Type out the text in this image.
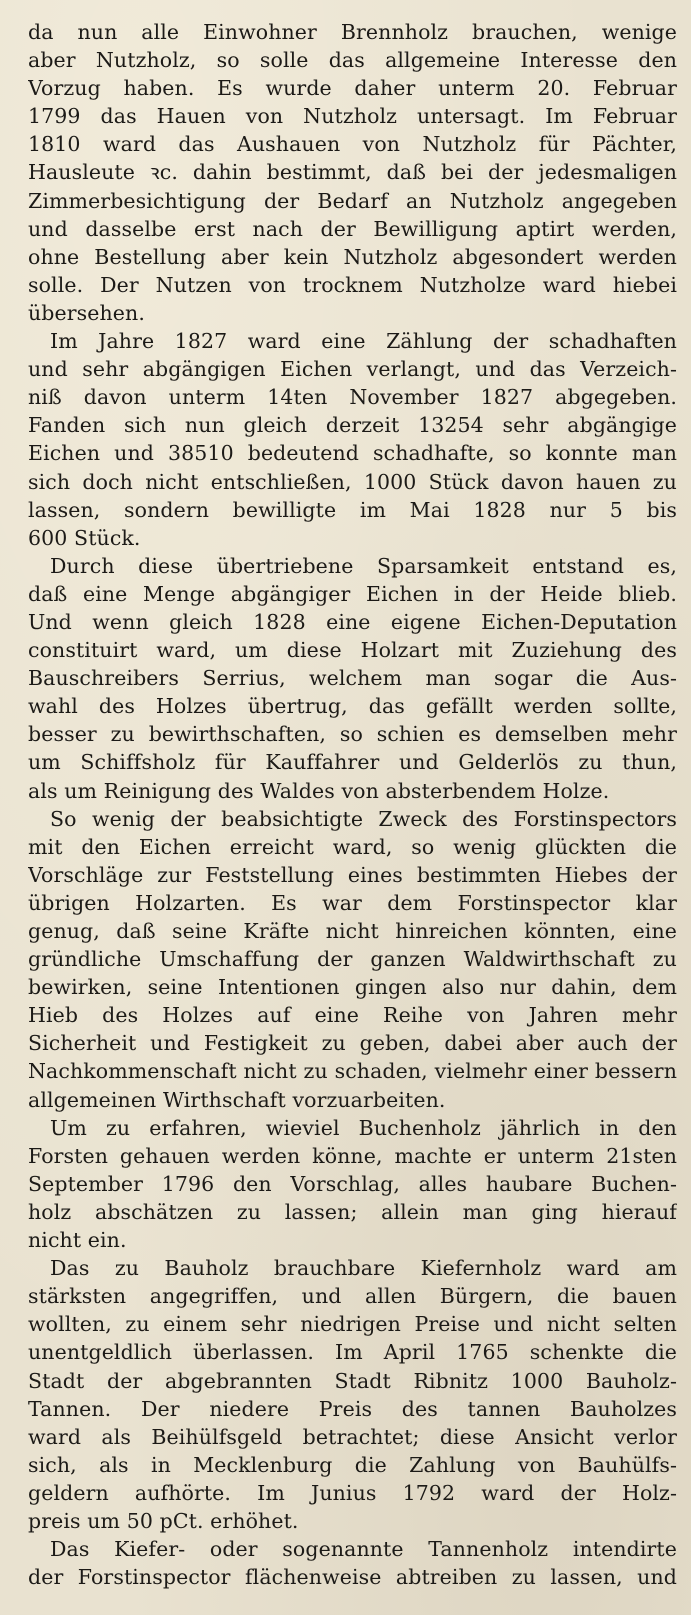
da nun alle Einwohner Brennholz brauchen, wenige
aber Nutzholz, so solle das allgemeine Interesse den
Vorzug haben. Es wurde daher unterm 20. Februar
1799 das Hauen von Nutzholz untersagt. Im Februar
1810 ward das Aushauen von Nutzholz für Pächter,
Hausleute ꝛc. dahin bestimmt, daß bei der jedesmaligen
Zimmerbesichtigung der Bedarf an Nutzholz angegeben
und dasselbe erst nach der Bewilligung aptirt werden,
ohne Bestellung aber kein Nutzholz abgesondert werden
solle. Der Nutzen von trocknem Nutzholze ward hiebei
übersehen.
Im Jahre 1827 ward eine Zählung der schadhaften
und sehr abgängigen Eichen verlangt, und das Verzeich-
niß davon unterm 14ten November 1827 abgegeben.
Fanden sich nun gleich derzeit 13254 sehr abgängige
Eichen und 38510 bedeutend schadhafte, so konnte man
sich doch nicht entschließen, 1000 Stück davon hauen zu
lassen, sondern bewilligte im Mai 1828 nur 5 bis
600 Stück.
Durch diese übertriebene Sparsamkeit entstand es,
daß eine Menge abgängiger Eichen in der Heide blieb.
Und wenn gleich 1828 eine eigene Eichen-Deputation
constituirt ward, um diese Holzart mit Zuziehung des
Bauschreibers Serrius, welchem man sogar die Aus-
wahl des Holzes übertrug, das gefällt werden sollte,
besser zu bewirthschaften, so schien es demselben mehr
um Schiffsholz für Kauffahrer und Gelderlös zu thun,
als um Reinigung des Waldes von absterbendem Holze.
So wenig der beabsichtigte Zweck des Forstinspectors
mit den Eichen erreicht ward, so wenig glückten die
Vorschläge zur Feststellung eines bestimmten Hiebes der
übrigen Holzarten. Es war dem Forstinspector klar
genug, daß seine Kräfte nicht hinreichen könnten, eine
gründliche Umschaffung der ganzen Waldwirthschaft zu
bewirken, seine Intentionen gingen also nur dahin, dem
Hieb des Holzes auf eine Reihe von Jahren mehr
Sicherheit und Festigkeit zu geben, dabei aber auch der
Nachkommenschaft nicht zu schaden, vielmehr einer bessern
allgemeinen Wirthschaft vorzuarbeiten.
Um zu erfahren, wieviel Buchenholz jährlich in den
Forsten gehauen werden könne, machte er unterm 21sten
September 1796 den Vorschlag, alles haubare Buchen-
holz abschätzen zu lassen; allein man ging hierauf
nicht ein.
Das zu Bauholz brauchbare Kiefernholz ward am
stärksten angegriffen, und allen Bürgern, die bauen
wollten, zu einem sehr niedrigen Preise und nicht selten
unentgeldlich überlassen. Im April 1765 schenkte die
Stadt der abgebrannten Stadt Ribnitz 1000 Bauholz-
Tannen. Der niedere Preis des tannen Bauholzes
ward als Beihülfsgeld betrachtet; diese Ansicht verlor
sich, als in Mecklenburg die Zahlung von Bauhülfs-
geldern aufhörte. Im Junius 1792 ward der Holz-
preis um 50 pCt. erhöhet.
Das Kiefer- oder sogenannte Tannenholz intendirte
der Forstinspector flächenweise abtreiben zu lassen, und
